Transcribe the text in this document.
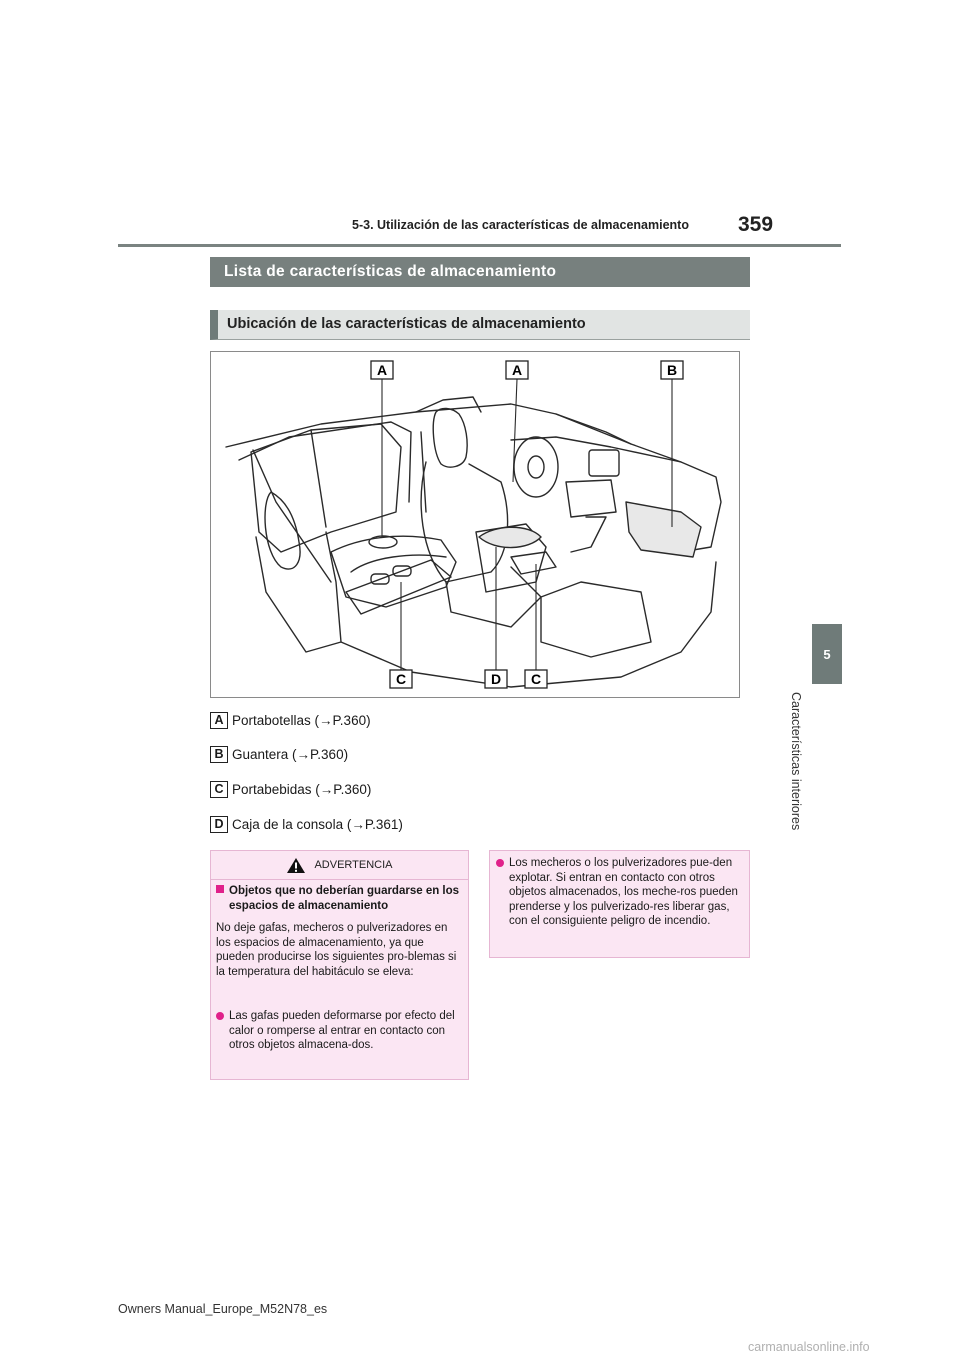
5-3. Utilización de las características de almacenamiento 359
5
Características interiores
Lista de características de almacenamiento
Ubicación de las características de almacenamiento
A	A	B
C	D C
A Portabotellas (→P.360)
B Guantera (→P.360)
C Portabebidas (→P.360)
D Caja de la consola (→P.361)
ADVERTENCIA
Objetos que no deberían guardarse en los espacios de almacenamiento
No deje gafas, mecheros o pulverizadores en los espacios de almacenamiento, ya que pueden producirse los siguientes pro-blemas si la temperatura del habitáculo se eleva:
Las gafas pueden deformarse por efecto del calor o romperse al entrar en contacto con otros objetos almacena-dos.
Los mecheros o los pulverizadores pue-den explotar. Si entran en contacto con otros objetos almacenados, los meche-ros pueden prenderse y los pulverizado-res liberar gas, con el consiguiente peligro de incendio.
Owners Manual_Europe_M52N78_es
carmanualsonline.info
